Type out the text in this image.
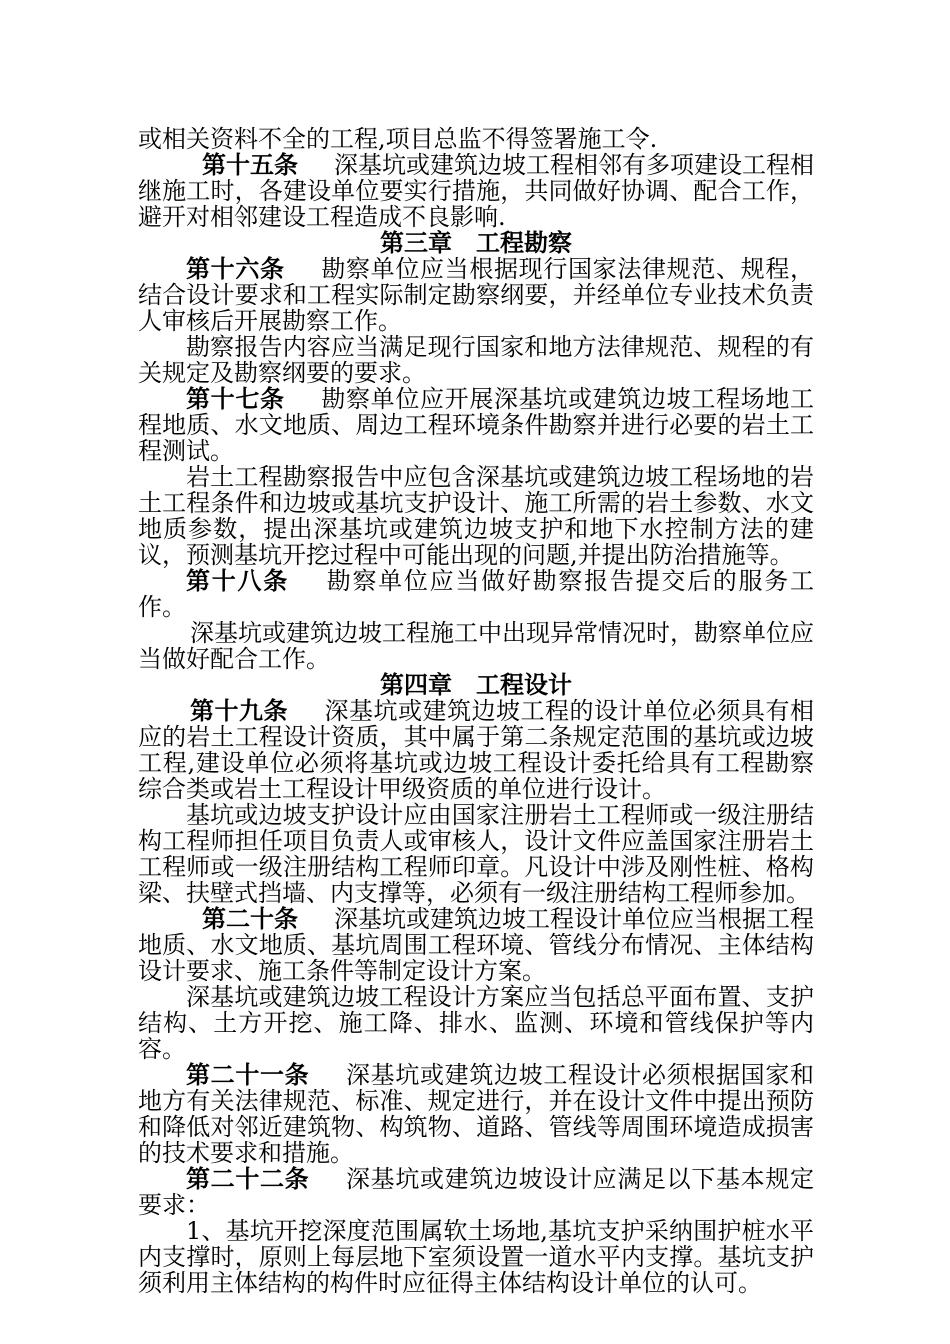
或相关资料不全的工程,项目总监不得签署施工令.

第十五条 深基坑或建筑边坡工程相邻有多项建设工程相继施工时，各建设单位要实行措施，共同做好协调、配合工作，避开对相邻建设工程造成不良影响.

第三章　工程勘察

第十六条 勘察单位应当根据现行国家法律规范、规程，结合设计要求和工程实际制定勘察纲要，并经单位专业技术负责人审核后开展勘察工作。

勘察报告内容应当满足现行国家和地方法律规范、规程的有关规定及勘察纲要的要求。

第十七条 勘察单位应开展深基坑或建筑边坡工程场地工程地质、水文地质、周边工程环境条件勘察并进行必要的岩土工程测试。

岩土工程勘察报告中应包含深基坑或建筑边坡工程场地的岩土工程条件和边坡或基坑支护设计、施工所需的岩土参数、水文地质参数，提出深基坑或建筑边坡支护和地下水控制方法的建议，预测基坑开挖过程中可能出现的问题,并提出防治措施等。

第十八条 勘察单位应当做好勘察报告提交后的服务工作。

深基坑或建筑边坡工程施工中出现异常情况时，勘察单位应当做好配合工作。

第四章　工程设计

第十九条 深基坑或建筑边坡工程的设计单位必须具有相应的岩土工程设计资质，其中属于第二条规定范围的基坑或边坡工程,建设单位必须将基坑或边坡工程设计委托给具有工程勘察综合类或岩土工程设计甲级资质的单位进行设计。

基坑或边坡支护设计应由国家注册岩土工程师或一级注册结构工程师担任项目负责人或审核人，设计文件应盖国家注册岩土工程师或一级注册结构工程师印章。凡设计中涉及刚性桩、格构梁、扶壁式挡墙、内支撑等，必须有一级注册结构工程师参加。

第二十条 深基坑或建筑边坡工程设计单位应当根据工程地质、水文地质、基坑周围工程环境、管线分布情况、主体结构设计要求、施工条件等制定设计方案。

深基坑或建筑边坡工程设计方案应当包括总平面布置、支护结构、土方开挖、施工降、排水、监测、环境和管线保护等内容。

第二十一条 深基坑或建筑边坡工程设计必须根据国家和地方有关法律规范、标准、规定进行，并在设计文件中提出预防和降低对邻近建筑物、构筑物、道路、管线等周围环境造成损害的技术要求和措施。

第二十二条 深基坑或建筑边坡设计应满足以下基本规定要求：

1、基坑开挖深度范围属软土场地,基坑支护采纳围护桩水平内支撑时，原则上每层地下室须设置一道水平内支撑。基坑支护须利用主体结构的构件时应征得主体结构设计单位的认可。
